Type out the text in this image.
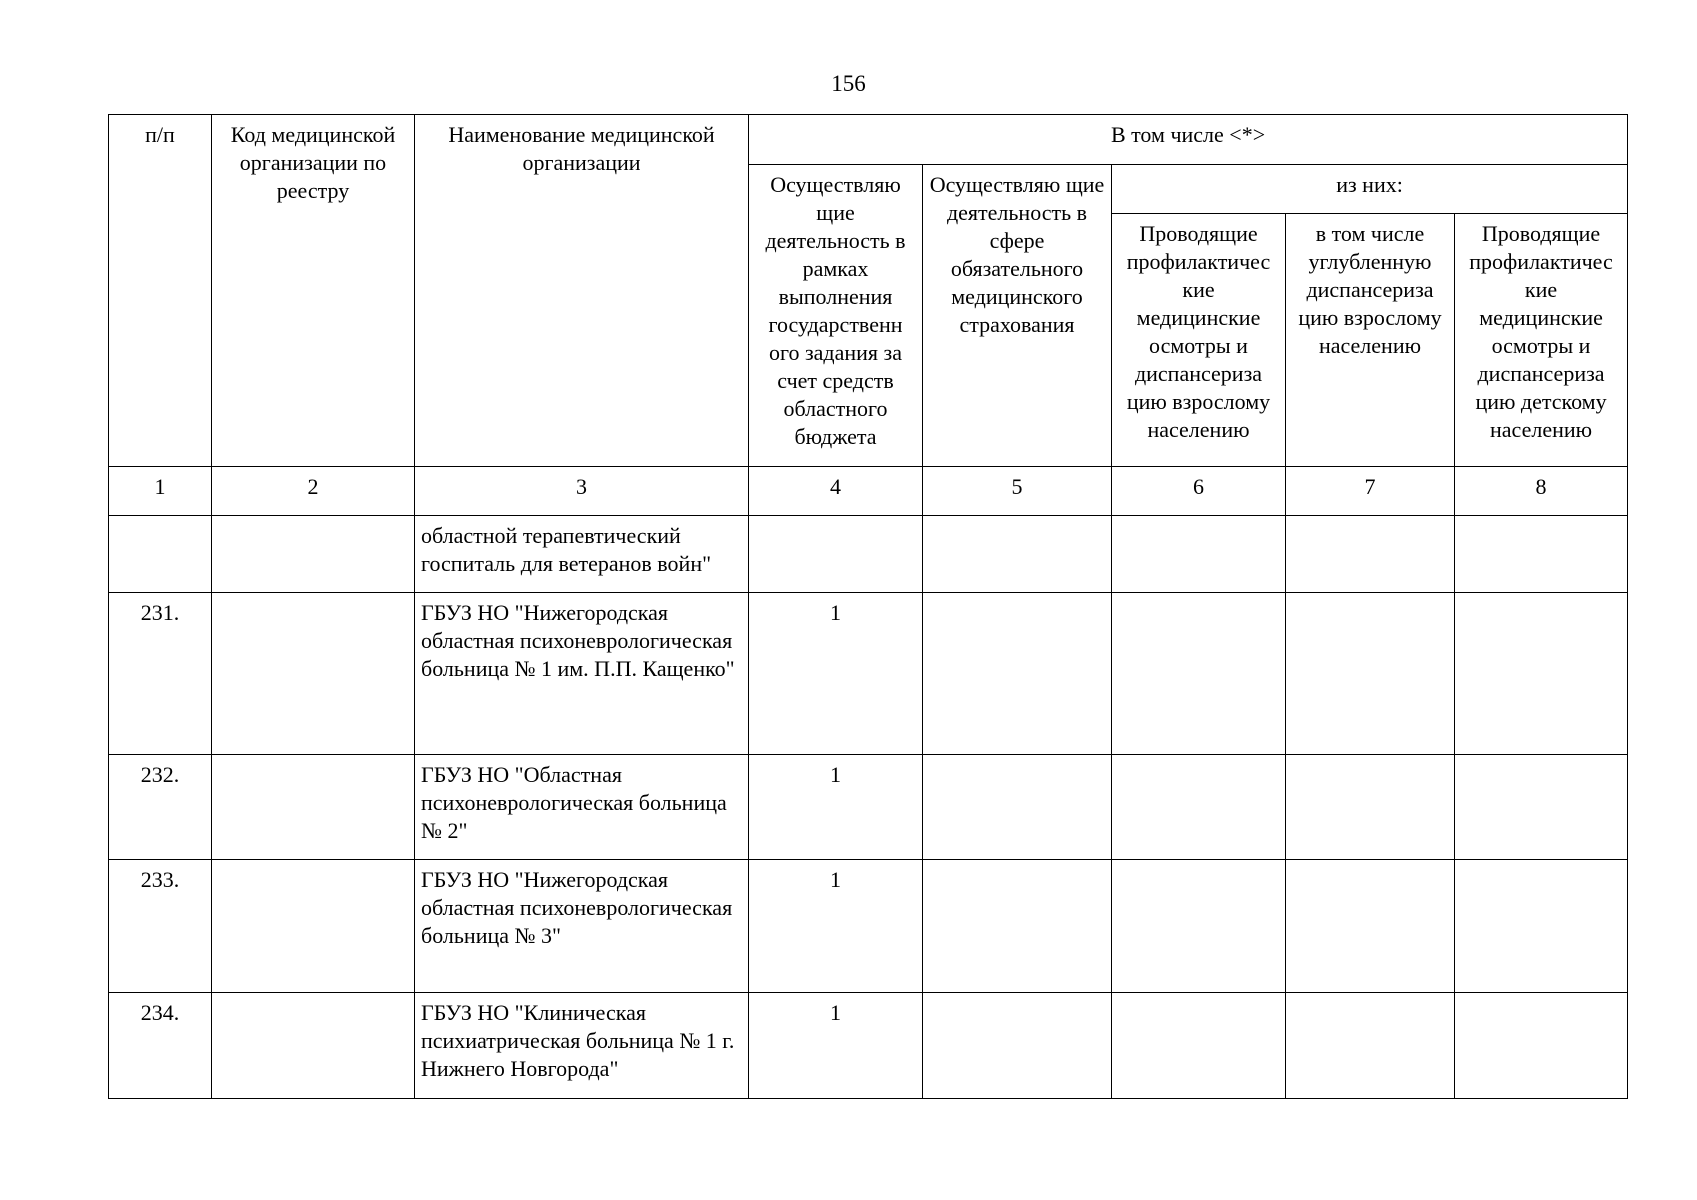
156
п/п	Код медицинской организации по реестру	Наименование медицинской организации	В том числе <*>				
			Осуществляю щие деятельность в рамках выполнения государственн ого задания за счет средств областного бюджета	Осуществляю щие деятельность в сфере обязательного медицинского страхования	из них:		
					Проводящие профилактичес кие медицинские осмотры и диспансериза цию взрослому населению	в том числе углубленную диспансериза цию взрослому населению	Проводящие профилактичес кие медицинские осмотры и диспансериза цию детскому населению
1	2	3	4	5	6	7	8
		областной терапевтический госпиталь для ветеранов войн"					
231.		ГБУЗ НО "Нижегородская областная психоневрологическая больница № 1 им. П.П. Кащенко"	1				
232.		ГБУЗ НО "Областная психоневрологическая больница № 2"	1				
233.		ГБУЗ НО "Нижегородская областная психоневрологическая больница № 3"	1				
234.		ГБУЗ НО "Клиническая психиатрическая больница № 1 г. Нижнего Новгорода"	1				
